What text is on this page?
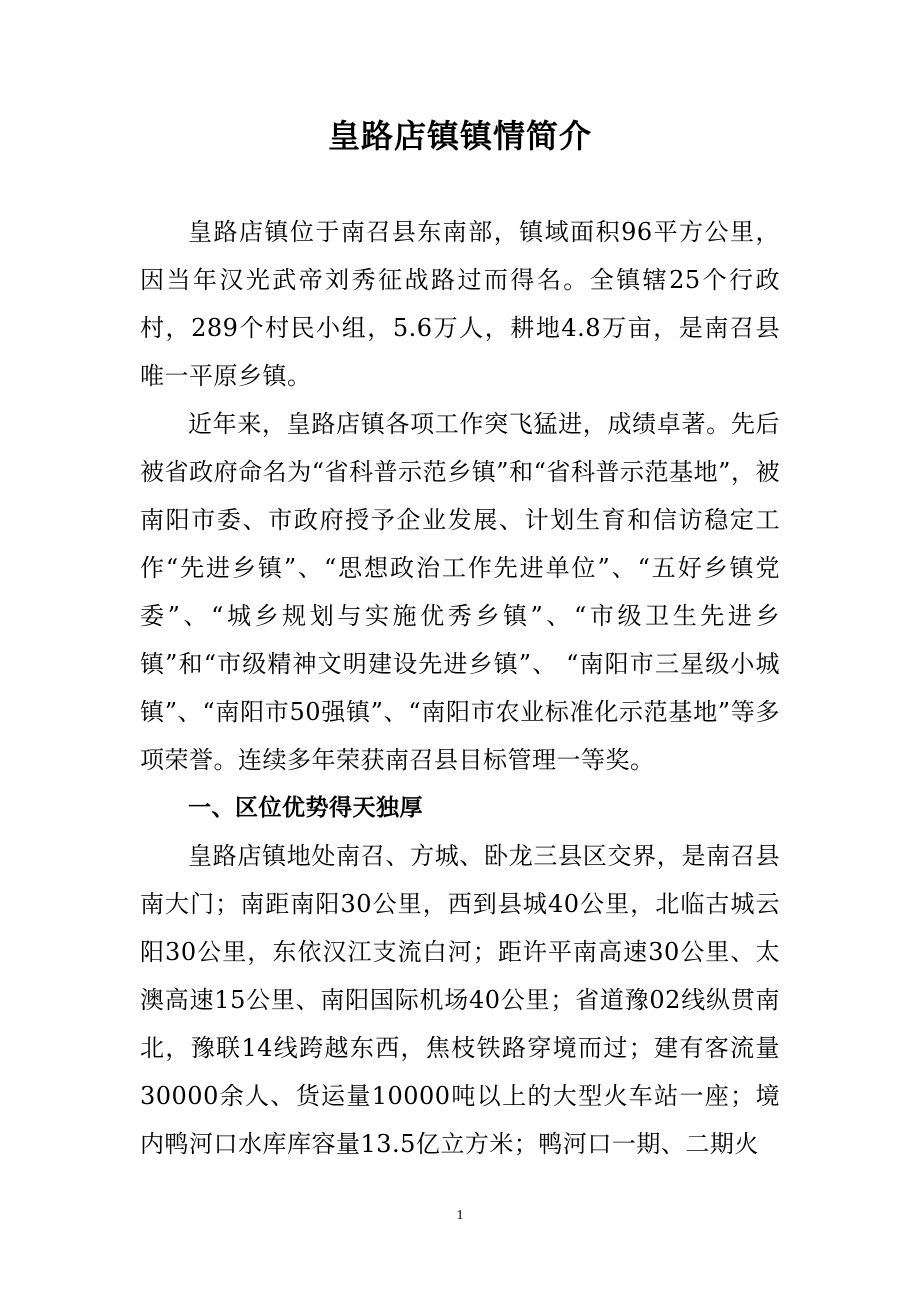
皇路店镇镇情简介

皇路店镇位于南召县东南部，镇域面积96平方公里，因当年汉光武帝刘秀征战路过而得名。全镇辖25个行政村，289个村民小组，5.6万人，耕地4.8万亩，是南召县唯一平原乡镇。

近年来，皇路店镇各项工作突飞猛进，成绩卓著。先后被省政府命名为“省科普示范乡镇”和“省科普示范基地”，被南阳市委、市政府授予企业发展、计划生育和信访稳定工作“先进乡镇”、“思想政治工作先进单位”、“五好乡镇党委”、“城乡规划与实施优秀乡镇”、“市级卫生先进乡镇”和“市级精神文明建设先进乡镇”、 “南阳市三星级小城镇”、“南阳市50强镇”、“南阳市农业标准化示范基地”等多项荣誉。连续多年荣获南召县目标管理一等奖。

一、区位优势得天独厚

皇路店镇地处南召、方城、卧龙三县区交界，是南召县南大门；南距南阳30公里，西到县城40公里，北临古城云阳30公里，东依汉江支流白河；距许平南高速30公里、太澳高速15公里、南阳国际机场40公里；省道豫02线纵贯南北，豫联14线跨越东西，焦枝铁路穿境而过；建有客流量30000余人、货运量10000吨以上的大型火车站一座；境内鸭河口水库库容量13.5亿立方米；鸭河口一期、二期火

1
